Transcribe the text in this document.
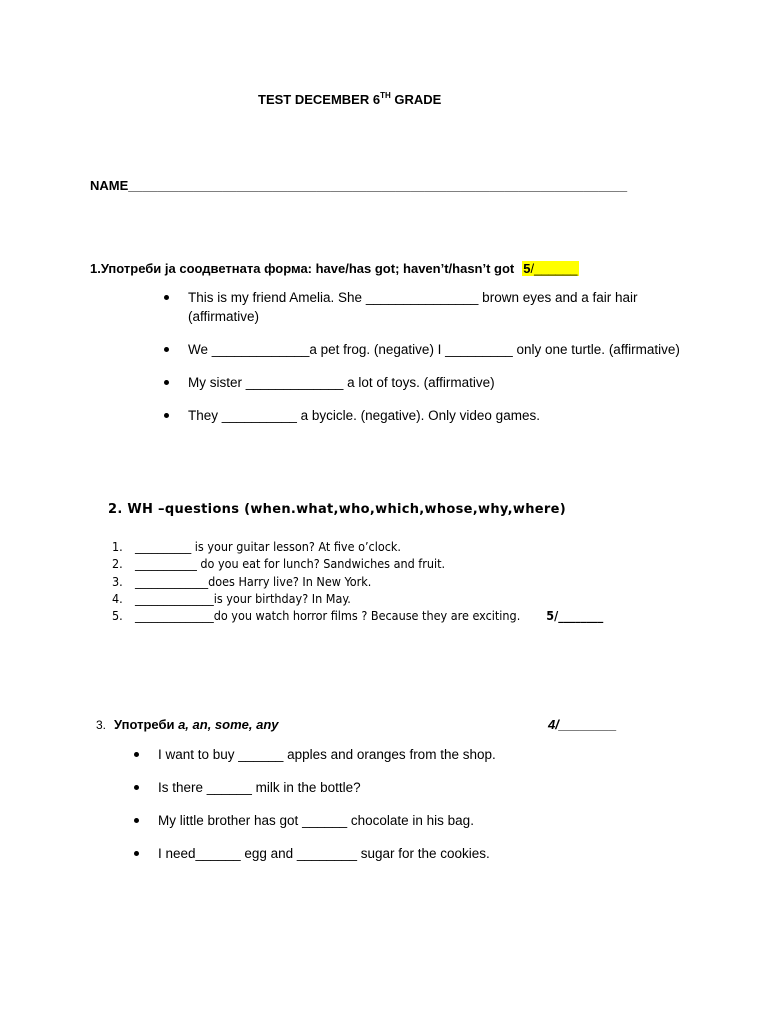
TEST DECEMBER 6TH GRADE
NAME_____________________________________________________________________
1.Употреби ја соодветната форма: have/has got; haven’t/hasn’t got 5/______
This is my friend Amelia. She _______________ brown eyes and a fair hair (affirmative)
We _____________a pet frog. (negative) I _________ only one turtle. (affirmative)
My sister _____________ a lot of toys. (affirmative)
They __________ a bycicle. (negative). Only video games.
2. WH –questions (when.what,who,which,whose,why,where)
1. __________ is your guitar lesson? At five o’clock.
2. ___________ do you eat for lunch? Sandwiches and fruit.
3. _____________does Harry live? In New York.
4. ______________is your birthday? In May.
5. ______________do you watch horror films ? Because they are exciting. 5/________
3. Употреби a, an, some, any	4/________
I want to buy ______ apples and oranges from the shop.
Is there ______ milk in the bottle?
My little brother has got ______ chocolate in his bag.
I need______ egg and ________ sugar for the cookies.
